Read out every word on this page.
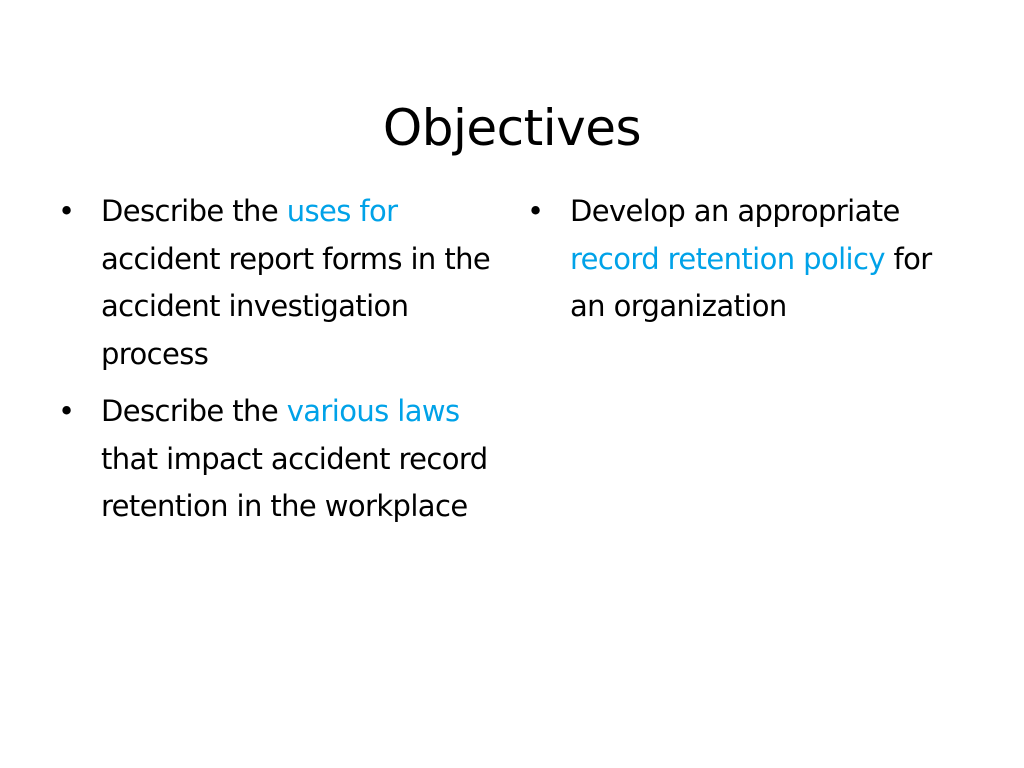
Objectives
• Describe the uses for accident report forms in the accident investigation process
• Describe the various laws that impact accident record retention in the workplace
• Develop an appropriate record retention policy for an organization
